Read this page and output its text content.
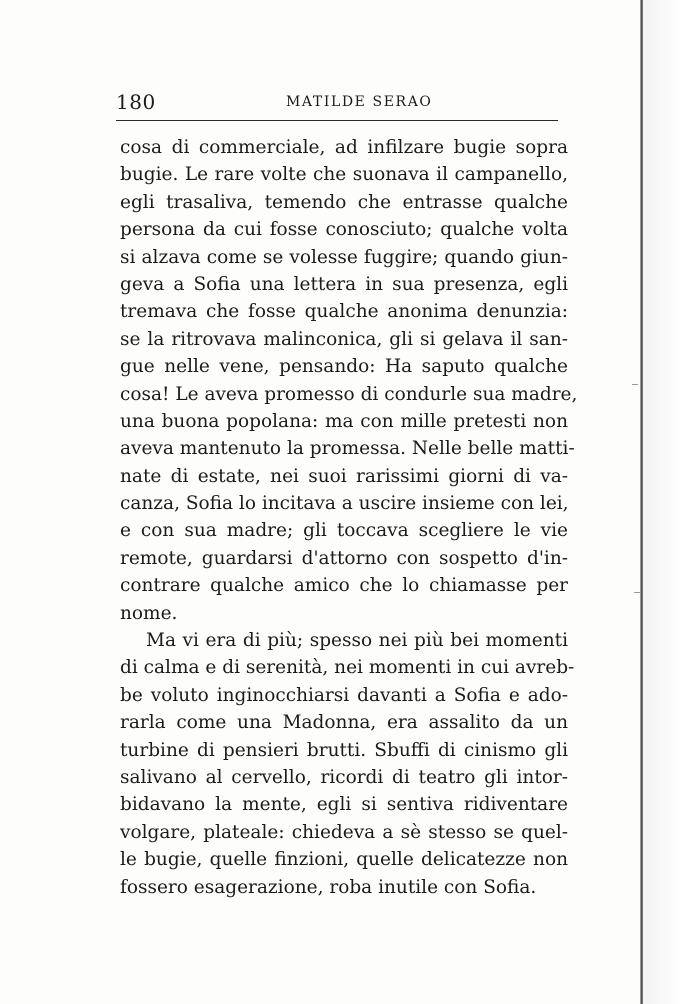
180	MATILDE SERAO
cosa di commerciale, ad infilzare bugie sopra
bugie. Le rare volte che suonava il campanello,
egli trasaliva, temendo che entrasse qualche
persona da cui fosse conosciuto; qualche volta
si alzava come se volesse fuggire; quando giun-
geva a Sofia una lettera in sua presenza, egli
tremava che fosse qualche anonima denunzia:
se la ritrovava malinconica, gli si gelava il san-
gue nelle vene, pensando: Ha saputo qualche
cosa! Le aveva promesso di condurle sua madre,
una buona popolana: ma con mille pretesti non
aveva mantenuto la promessa. Nelle belle matti-
nate di estate, nei suoi rarissimi giorni di va-
canza, Sofia lo incitava a uscire insieme con lei,
e con sua madre; gli toccava scegliere le vie
remote, guardarsi d'attorno con sospetto d'in-
contrare qualche amico che lo chiamasse per
nome.
Ma vi era di più; spesso nei più bei momenti
di calma e di serenità, nei momenti in cui avreb-
be voluto inginocchiarsi davanti a Sofia e ado-
rarla come una Madonna, era assalito da un
turbine di pensieri brutti. Sbuffi di cinismo gli
salivano al cervello, ricordi di teatro gli intor-
bidavano la mente, egli si sentiva ridiventare
volgare, plateale: chiedeva a sè stesso se quel-
le bugie, quelle finzioni, quelle delicatezze non
fossero esagerazione, roba inutile con Sofia.
